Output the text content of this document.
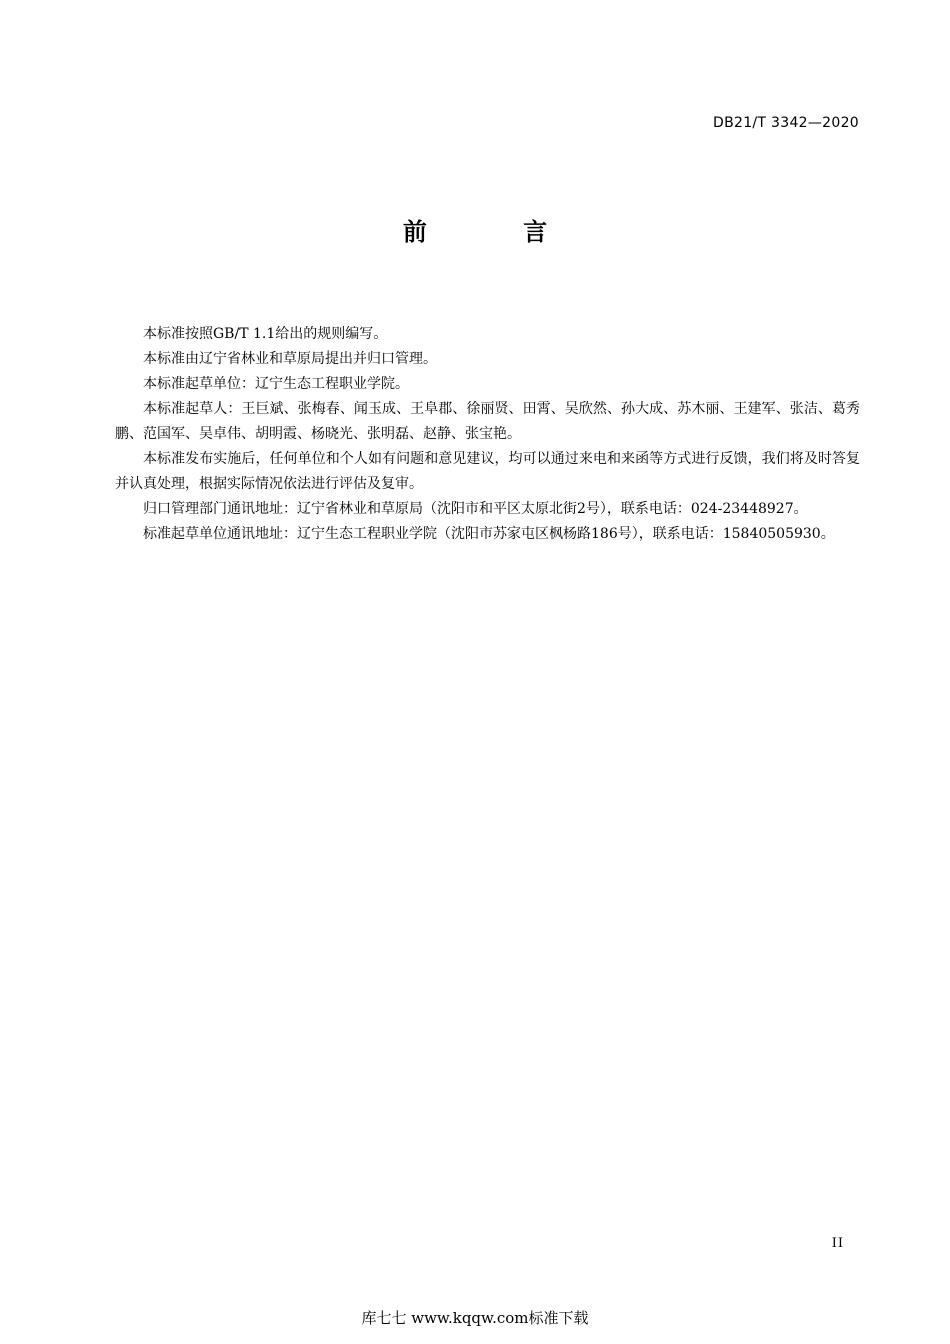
DB21/T 3342—2020
前 言

本标准按照GB/T 1.1给出的规则编写。

本标准由辽宁省林业和草原局提出并归口管理。

本标准起草单位：辽宁生态工程职业学院。

本标准起草人：王巨斌、张梅春、闻玉成、王阜郡、徐丽贤、田霄、吴欣然、孙大成、苏木丽、王建军、张洁、葛秀鹏、范国军、吴卓伟、胡明霞、杨晓光、张明磊、赵静、张宝艳。

本标准发布实施后，任何单位和个人如有问题和意见建议，均可以通过来电和来函等方式进行反馈，我们将及时答复并认真处理，根据实际情况依法进行评估及复审。

归口管理部门通讯地址：辽宁省林业和草原局（沈阳市和平区太原北街2号），联系电话：024-23448927。

标准起草单位通讯地址：辽宁生态工程职业学院（沈阳市苏家屯区枫杨路186号），联系电话：15840505930。

II
库七七 www.kqqw.com标准下载
